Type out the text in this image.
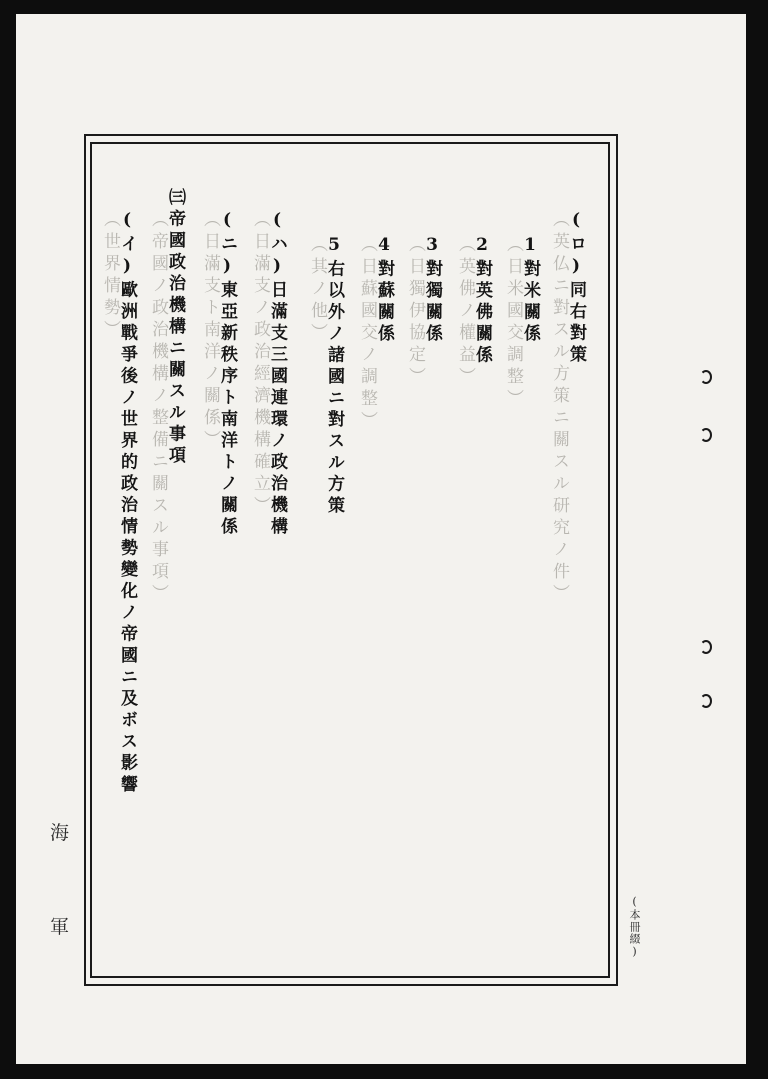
(ロ)同右對策
（英仏ニ對スル方策ニ關スル研究ノ件）
1對米關係
（日米國交調整）
2對英佛關係
（英佛ノ權益）
3對獨關係
（日獨伊協定）
4對蘇關係
（日蘇國交ノ調整）
5右以外ノ諸國ニ對スル方策
（其ノ他）
(ハ)日滿支三國連環ノ政治機構
（日滿支ノ政治經濟機構確立）
(ニ)東亞新秩序ト南洋トノ關係
（日滿支ト南洋ノ關係）
㈢帝國政治機構ニ關スル事項
（帝國ノ政治機構ノ整備ニ關スル事項）
(イ)歐洲戰爭後ノ世界的政治情勢變化ノ帝國ニ及ボス影響
（世界情勢）
海
軍	(本冊綴)
